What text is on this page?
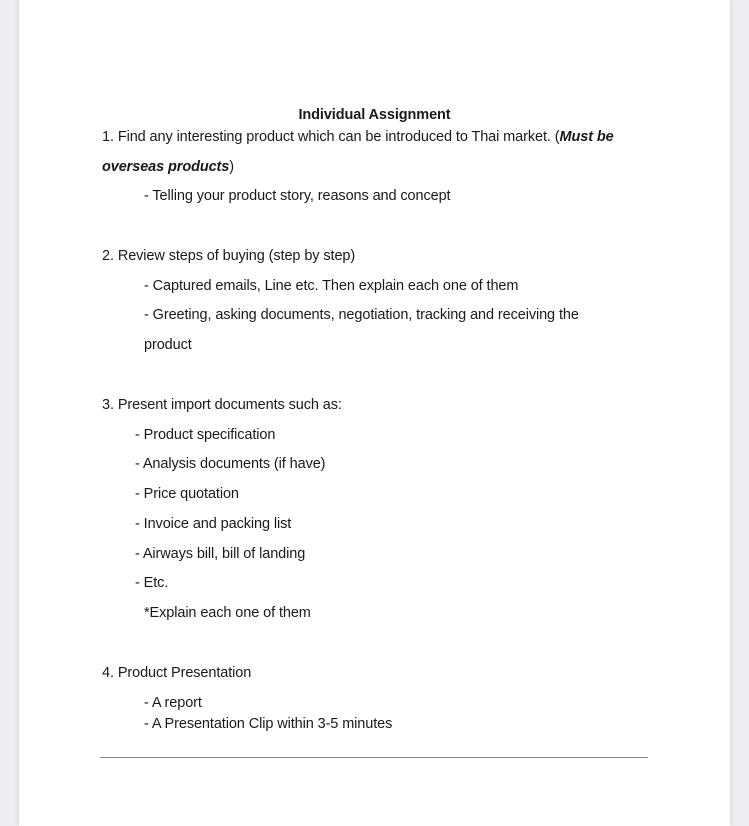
Individual Assignment
1. Find any interesting product which can be introduced to Thai market. (Must be
overseas products)
- Telling your product story, reasons and concept
2. Review steps of buying (step by step)
- Captured emails, Line etc. Then explain each one of them
- Greeting, asking documents, negotiation, tracking and receiving the
product
3. Present import documents such as:
- Product specification
- Analysis documents (if have)
- Price quotation
- Invoice and packing list
- Airways bill, bill of landing
- Etc.
*Explain each one of them
4. Product Presentation
- A report
- A Presentation Clip within 3-5 minutes
